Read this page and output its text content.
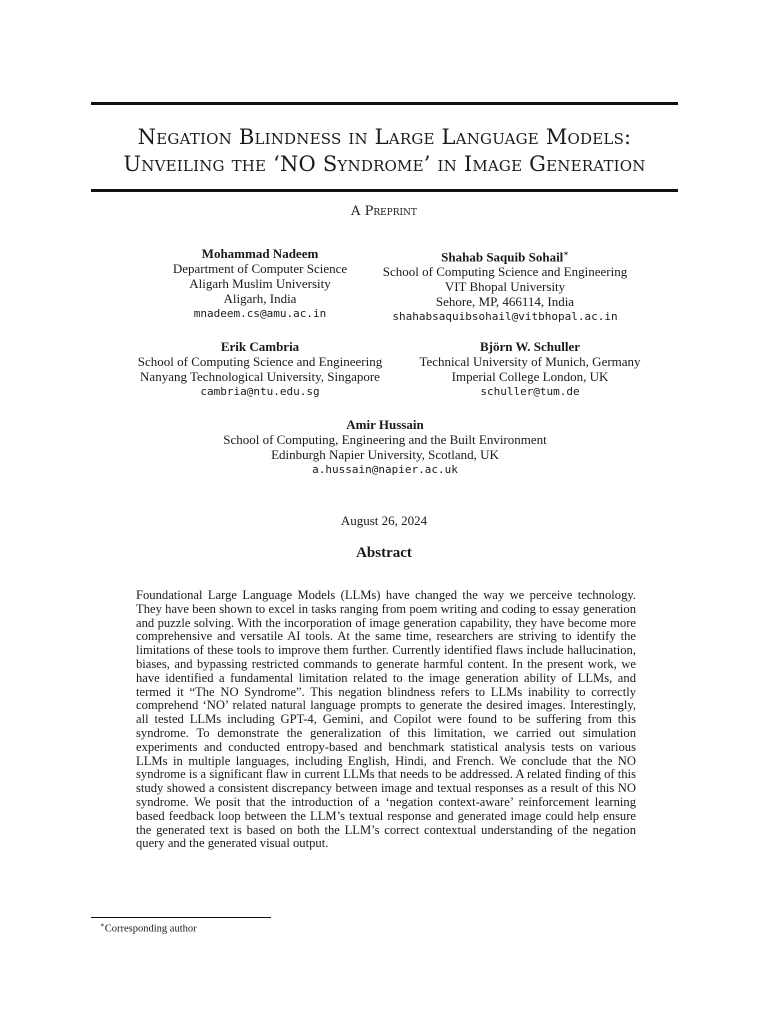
Negation Blindness in Large Language Models:
Unveiling the ‘NO Syndrome’ in Image Generation
A Preprint
Mohammad Nadeem
Department of Computer Science
Aligarh Muslim University
Aligarh, India
mnadeem.cs@amu.ac.in
Shahab Saquib Sohail∗
School of Computing Science and Engineering
VIT Bhopal University
Sehore, MP, 466114, India
shahabsaquibsohail@vitbhopal.ac.in
Erik Cambria
School of Computing Science and Engineering
Nanyang Technological University, Singapore
cambria@ntu.edu.sg
Björn W. Schuller
Technical University of Munich, Germany
Imperial College London, UK
schuller@tum.de
Amir Hussain
School of Computing, Engineering and the Built Environment
Edinburgh Napier University, Scotland, UK
a.hussain@napier.ac.uk
August 26, 2024
Abstract
Foundational Large Language Models (LLMs) have changed the way we perceive technology. They have been shown to excel in tasks ranging from poem writing and coding to essay generation and puzzle solving. With the incorporation of image generation capability, they have become more comprehensive and versatile AI tools. At the same time, researchers are striving to identify the limitations of these tools to improve them further. Currently identified flaws include hallucination, biases, and bypassing restricted commands to generate harmful content. In the present work, we have identified a fundamental limitation related to the image generation ability of LLMs, and termed it “The NO Syndrome”. This negation blindness refers to LLMs inability to correctly comprehend ‘NO’ related natural language prompts to generate the desired images. Interestingly, all tested LLMs including GPT-4, Gemini, and Copilot were found to be suffering from this syndrome. To demonstrate the generalization of this limitation, we carried out simulation experiments and conducted entropy-based and benchmark statistical analysis tests on various LLMs in multiple languages, including English, Hindi, and French. We conclude that the NO syndrome is a significant flaw in current LLMs that needs to be addressed. A related finding of this study showed a consistent discrepancy between image and textual responses as a result of this NO syndrome. We posit that the introduction of a ‘negation context-aware’ reinforcement learning based feedback loop between the LLM’s textual response and generated image could help ensure the generated text is based on both the LLM’s correct contextual understanding of the negation query and the generated visual output.
∗Corresponding author
